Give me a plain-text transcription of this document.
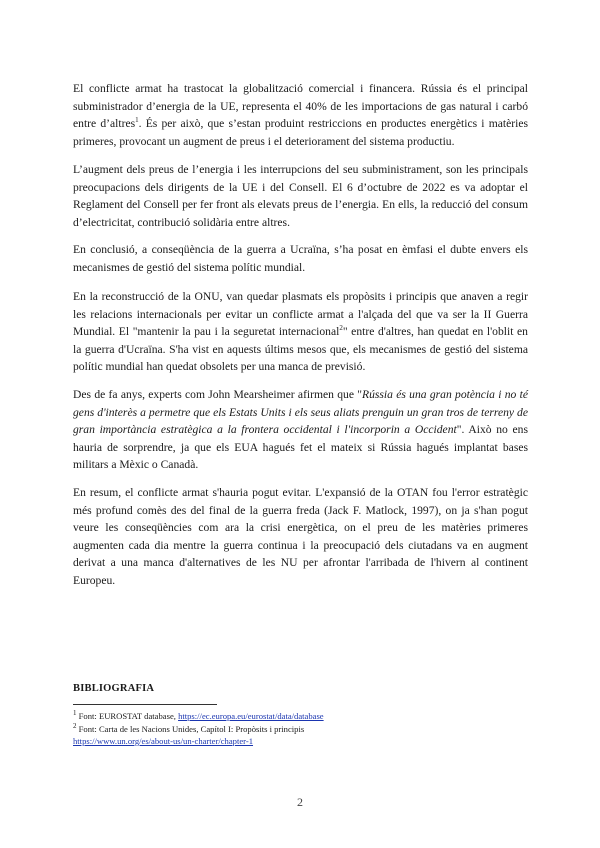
El conflicte armat ha trastocat la globalització comercial i financera. Rússia és el principal subministrador d’energia de la UE, representa el 40% de les importacions de gas natural i carbó entre d’altres$^1$. És per això, que s’estan produint restriccions en productes energètics i matèries primeres, provocant un augment de preus i el deteriorament del sistema productiu.

L’augment dels preus de l’energia i les interrupcions del seu subministrament, son les principals preocupacions dels dirigents de la UE i del Consell. El 6 d’octubre de 2022 es va adoptar el Reglament del Consell per fer front als elevats preus de l’energia. En ells, la reducció del consum d’electricitat, contribució solidària entre altres.

En conclusió, a conseqüència de la guerra a Ucraïna, s’ha posat en èmfasi el dubte envers els mecanismes de gestió del sistema polític mundial.

En la reconstrucció de la ONU, van quedar plasmats els propòsits i principis que anaven a regir les relacions internacionals per evitar un conflicte armat a l'alçada del que va ser la II Guerra Mundial. El "mantenir la pau i la seguretat internacional$^2$" entre d'altres, han quedat en l'oblit en la guerra d'Ucraïna. S'ha vist en aquests últims mesos que, els mecanismes de gestió del sistema polític mundial han quedat obsolets per una manca de previsió.

Des de fa anys, experts com John Mearsheimer afirmen que "Rússia és una gran potència i no té gens d'interès a permetre que els Estats Units i els seus aliats prenguin un gran tros de terreny de gran importància estratègica a la frontera occidental i l'incorporin a Occident". Això no ens hauria de sorprendre, ja que els EUA hagués fet el mateix si Rússia hagués implantat bases militars a Mèxic o Canadà.

En resum, el conflicte armat s'hauria pogut evitar. L'expansió de la OTAN fou l'error estratègic més profund comès des del final de la guerra freda (Jack F. Matlock, 1997), on ja s'han pogut veure les conseqüències com ara la crisi energètica, on el preu de les matèries primeres augmenten cada dia mentre la guerra continua i la preocupació dels ciutadans va en augment derivat a una manca d'alternatives de les NU per afrontar l'arribada de l'hivern al continent Europeu.

BIBLIOGRAFIA
$^1$ Font: EUROSTAT database, https://ec.europa.eu/eurostat/data/database
$^2$ Font: Carta de les Nacions Unides, Capítol I: Propòsits i principis
https://www.un.org/es/about-us/un-charter/chapter-1
2
